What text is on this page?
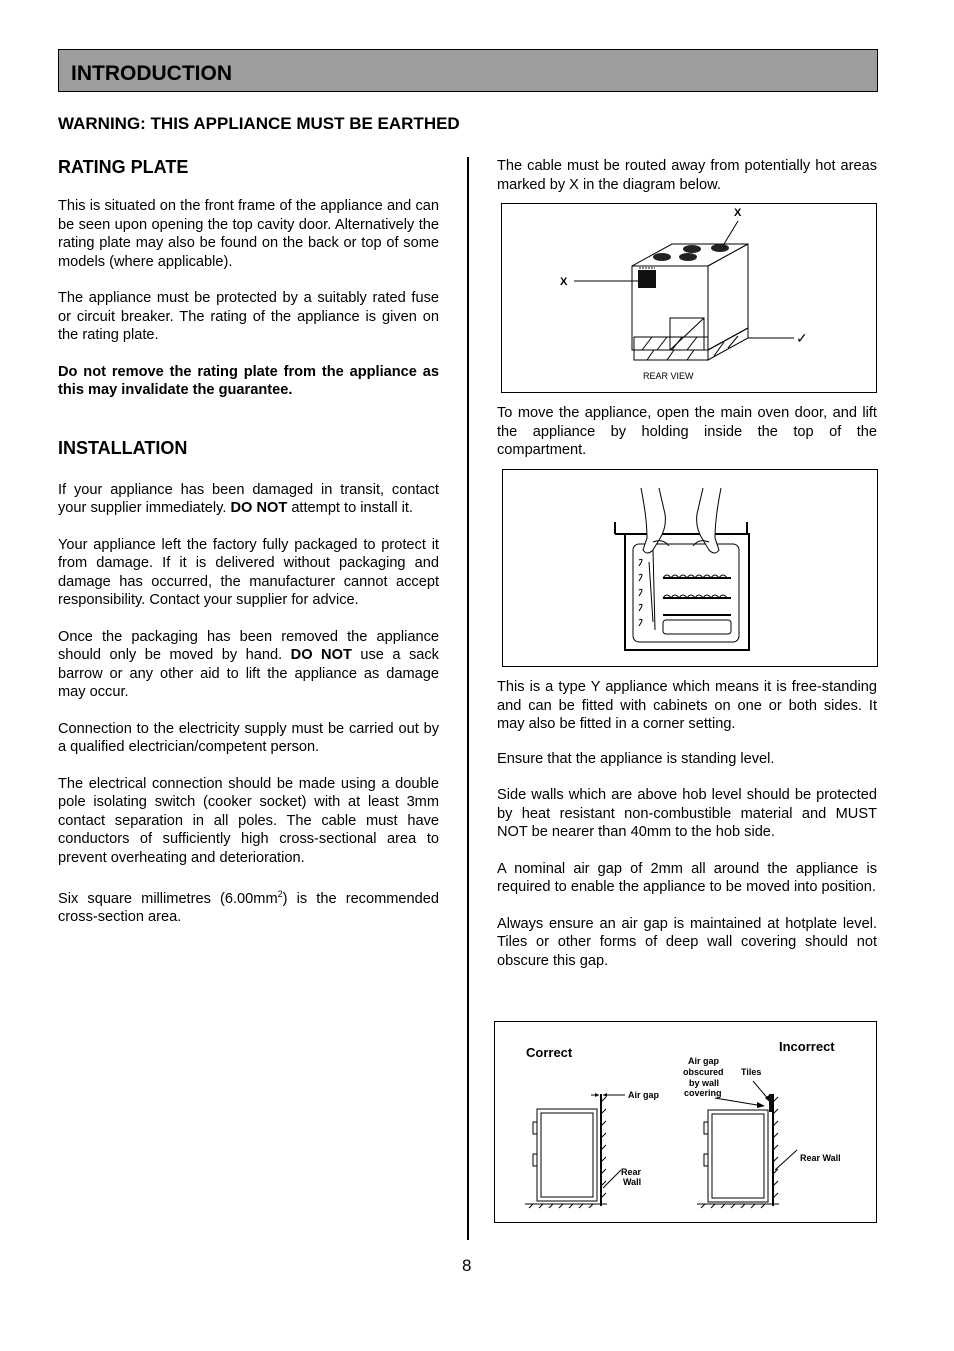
INTRODUCTION
WARNING: THIS APPLIANCE MUST BE EARTHED
RATING PLATE

This is situated on the front frame of the appliance and can be seen upon opening the top cavity door. Alternatively the rating plate may also be found on the back or top of some models (where applicable).

The appliance must be protected by a suitably rated fuse or circuit breaker. The rating of the appliance is given on the rating plate.

Do not remove the rating plate from the appliance as this may invalidate the guarantee.

INSTALLATION

If your appliance has been damaged in transit, contact your supplier immediately. DO NOT attempt to install it.

Your appliance left the factory fully packaged to protect it from damage. If it is delivered without packaging and damage has occurred, the manufacturer cannot accept responsibility. Contact your supplier for advice.

Once the packaging has been removed the appliance should only be moved by hand. DO NOT use a sack barrow or any other aid to lift the appliance as damage may occur.

Connection to the electricity supply must be carried out by a qualified electrician/competent person.

The electrical connection should be made using a double pole isolating switch (cooker socket) with at least 3mm contact separation in all poles. The cable must have conductors of sufficiently high cross-sectional area to prevent overheating and deterioration.

Six square millimetres $(6.00mm^2)$ is the recommended cross-section area.

The cable must be routed away from potentially hot areas marked by X in the diagram below.

X
X
✓
REAR VIEW

To move the appliance, open the main oven door, and lift the appliance by holding inside the top of the compartment.

This is a type Y appliance which means it is free-standing and can be fitted with cabinets on one or both sides. It may also be fitted in a corner setting.

Ensure that the appliance is standing level.

Side walls which are above hob level should be protected by heat resistant non-combustible material and MUST NOT be nearer than 40mm to the hob side.

A nominal air gap of 2mm all around the appliance is required to enable the appliance to be moved into position.

Always ensure an air gap is maintained at hotplate level. Tiles or other forms of deep wall covering should not obscure this gap.

Correct	Incorrect
Air gap
Rear
Wall
Air gap
obscured
by wall
covering
Tiles
Rear Wall
8
